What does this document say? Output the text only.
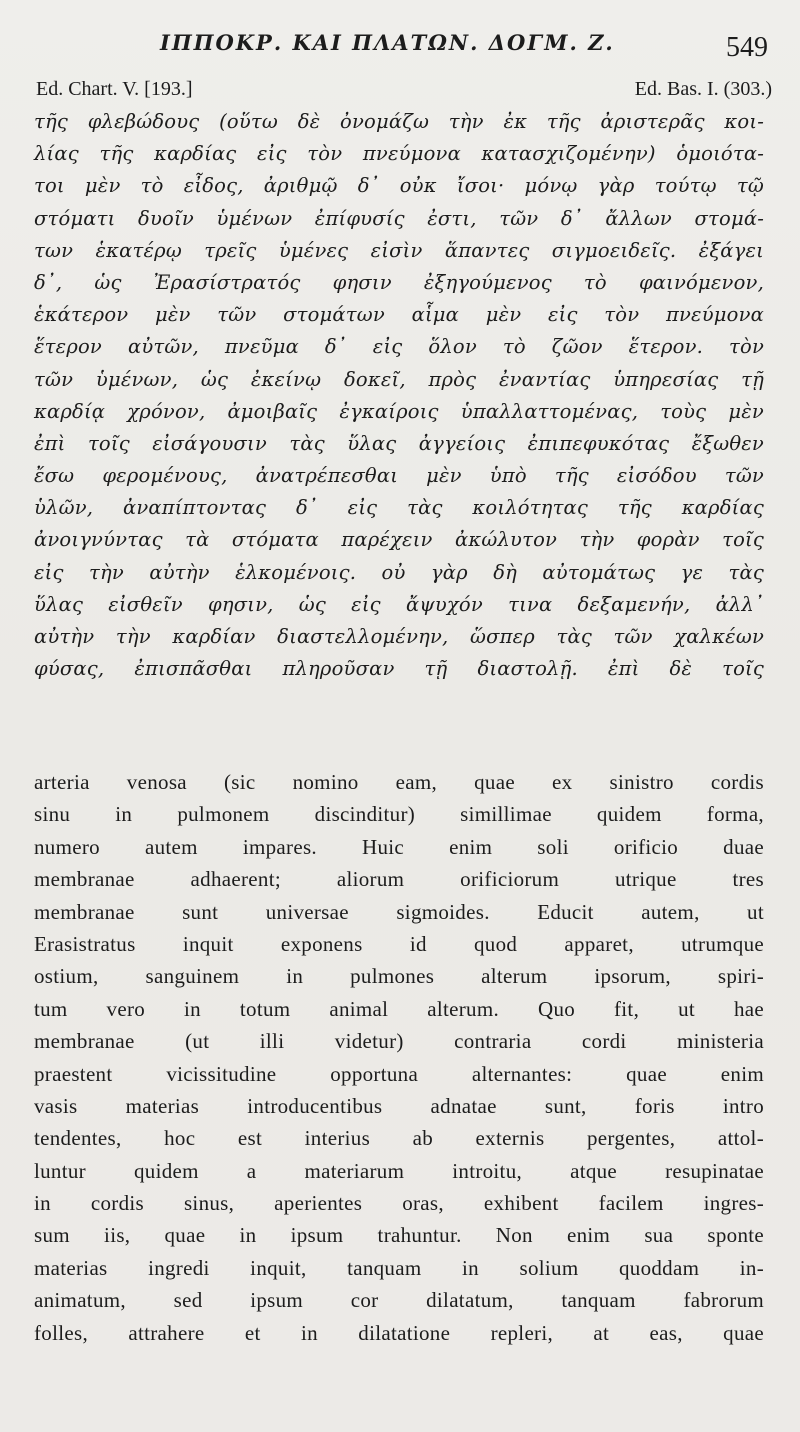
ΙΠΠΟΚΡ. ΚΑΙ ΠΛΑΤΩΝ. ΔΟΓΜ. Ζ.	549
Ed. Chart. V. [193.]	Ed. Bas. I. (303.)
τῆς φλεβώδους (οὕτω δὲ ὀνομάζω τὴν ἐκ τῆς ἀριστερᾶς κοι-
λίας τῆς καρδίας εἰς τὸν πνεύμονα κατασχιζομένην) ὁμοιότα-
τοι μὲν τὸ εἶδος, ἀριθμῷ δ᾽ οὐκ ἴσοι· μόνῳ γὰρ τούτῳ τῷ
στόματι δυοῖν ὑμένων ἐπίφυσίς ἐστι, τῶν δ᾽ ἄλλων στομά-
των ἑκατέρῳ τρεῖς ὑμένες εἰσὶν ἅπαντες σιγμοειδεῖς. ἐξάγει
δ᾽, ὡς Ἐρασίστρατός φησιν ἐξηγούμενος τὸ φαινόμενον,
ἑκάτερον μὲν τῶν στομάτων αἷμα μὲν εἰς τὸν πνεύμονα
ἕτερον αὐτῶν, πνεῦμα δ᾽ εἰς ὅλον τὸ ζῶον ἕτερον. τὸν
τῶν ὑμένων, ὡς ἐκείνῳ δοκεῖ, πρὸς ἐναντίας ὑπηρεσίας τῇ
καρδίᾳ χρόνον, ἀμοιβαῖς ἐγκαίροις ὑπαλλαττομένας, τοὺς μὲν
ἐπὶ τοῖς εἰσάγουσιν τὰς ὕλας ἀγγείοις ἐπιπεφυκότας ἔξωθεν
ἔσω φερομένους, ἀνατρέπεσθαι μὲν ὑπὸ τῆς εἰσόδου τῶν
ὑλῶν, ἀναπίπτοντας δ᾽ εἰς τὰς κοιλότητας τῆς καρδίας
ἀνοιγνύντας τὰ στόματα παρέχειν ἀκώλυτον τὴν φορὰν τοῖς
εἰς τὴν αὐτὴν ἑλκομένοις. οὐ γὰρ δὴ αὐτομάτως γε τὰς
ὕλας εἰσθεῖν φησιν, ὡς εἰς ἄψυχόν τινα δεξαμενήν, ἀλλ᾽
αὐτὴν τὴν καρδίαν διαστελλομένην, ὥσπερ τὰς τῶν χαλκέων
φύσας, ἐπισπᾶσθαι πληροῦσαν τῇ διαστολῇ. ἐπὶ δὲ τοῖς
arteria venosa (sic nomino eam, quae ex sinistro cordis
sinu in pulmonem discinditur) simillimae quidem forma,
numero autem impares. Huic enim soli orificio duae
membranae adhaerent; aliorum orificiorum utrique tres
membranae sunt universae sigmoides. Educit autem, ut
Erasistratus inquit exponens id quod apparet, utrumque
ostium, sanguinem in pulmones alterum ipsorum, spiri-
tum vero in totum animal alterum. Quo fit, ut hae
membranae (ut illi videtur) contraria cordi ministeria
praestent vicissitudine opportuna alternantes: quae enim
vasis materias introducentibus adnatae sunt, foris intro
tendentes, hoc est interius ab externis pergentes, attol-
luntur quidem a materiarum introitu, atque resupinatae
in cordis sinus, aperientes oras, exhibent facilem ingres-
sum iis, quae in ipsum trahuntur. Non enim sua sponte
materias ingredi inquit, tanquam in solium quoddam in-
animatum, sed ipsum cor dilatatum, tanquam fabrorum
folles, attrahere et in dilatatione repleri, at eas, quae
